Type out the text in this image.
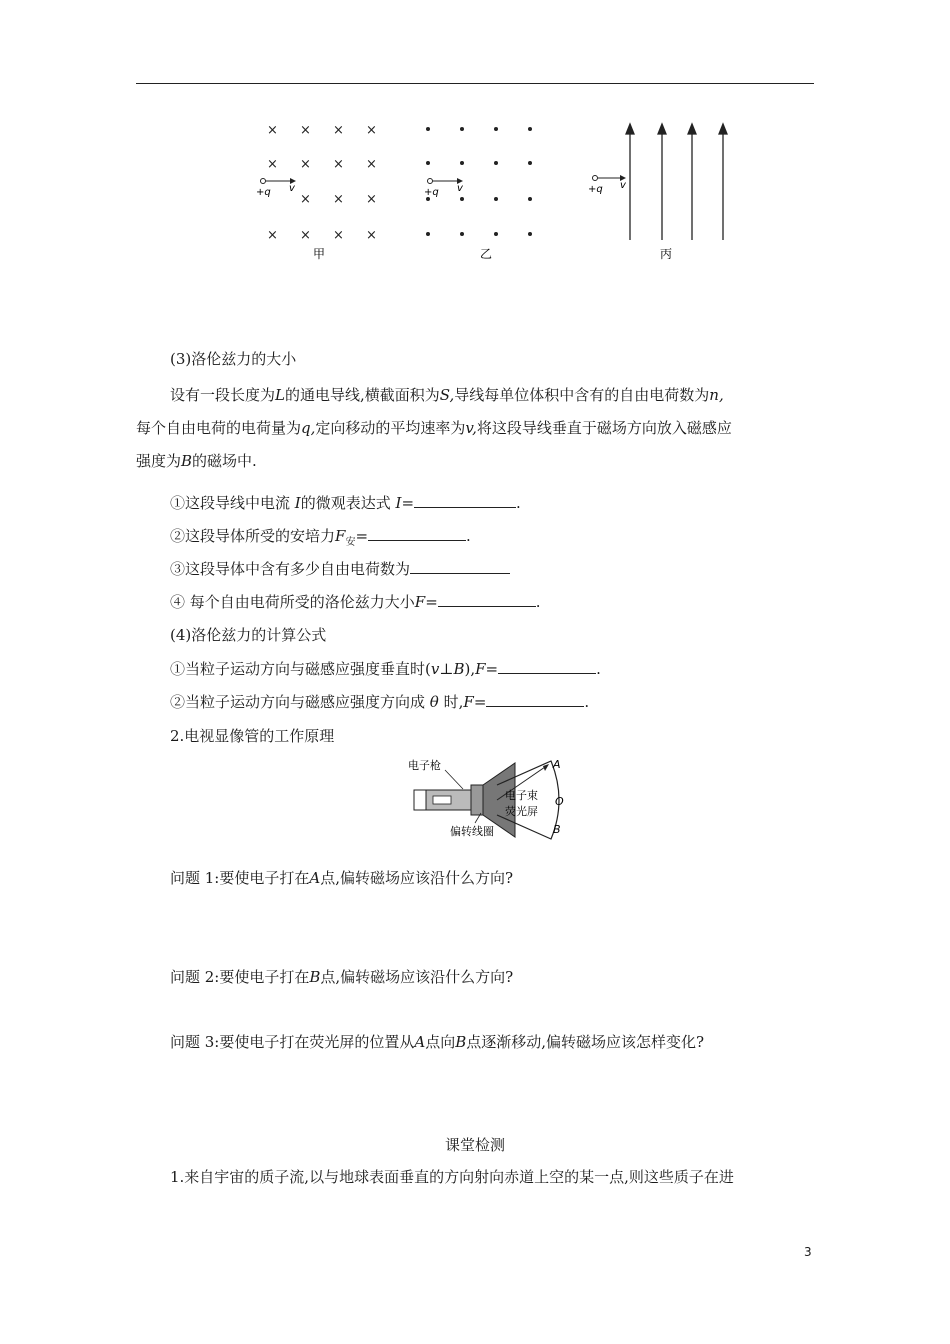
× × × ×
× × × ×
× × ×
× × × ×
+q v
甲
+q v
乙
+q v
丙
(3)洛伦兹力的大小
设有一段长度为L的通电导线,横截面积为S,导线每单位体积中含有的自由电荷数为n,
每个自由电荷的电荷量为q,定向移动的平均速率为v,将这段导线垂直于磁场方向放入磁感应
强度为B的磁场中.
①这段导线中电流 I的微观表达式 I=	.
②这段导体所受的安培力$F_安=$	.
③这段导体中含有多少自由电荷数为
④ 每个自由电荷所受的洛伦兹力大小F=	.
(4)洛伦兹力的计算公式
①当粒子运动方向与磁感应强度垂直时(v⊥B),F=	.
②当粒子运动方向与磁感应强度方向成 θ 时,F=	.
2.电视显像管的工作原理
电子枪
电子束
荧光屏
偏转线圈
A
O
B
问题 1:要使电子打在A点,偏转磁场应该沿什么方向?
问题 2:要使电子打在B点,偏转磁场应该沿什么方向?
问题 3:要使电子打在荧光屏的位置从A点向B点逐渐移动,偏转磁场应该怎样变化?
课堂检测
1.来自宇宙的质子流,以与地球表面垂直的方向射向赤道上空的某一点,则这些质子在进
3
